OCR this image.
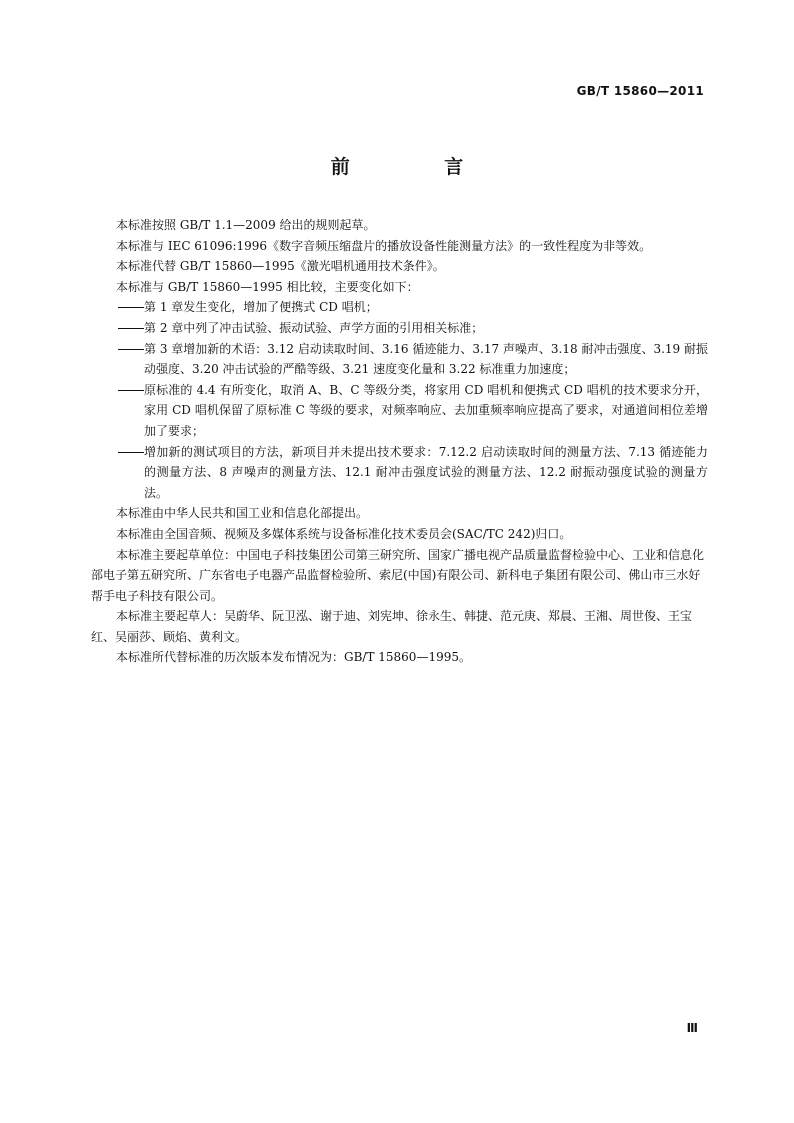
GB/T 15860—2011
前 言
本标准按照 GB/T 1.1—2009 给出的规则起草。
本标准与 IEC 61096:1996《数字音频压缩盘片的播放设备性能测量方法》的一致性程度为非等效。
本标准代替 GB/T 15860—1995《激光唱机通用技术条件》。
本标准与 GB/T 15860—1995 相比较，主要变化如下：
第 1 章发生变化，增加了便携式 CD 唱机；
第 2 章中列了冲击试验、振动试验、声学方面的引用相关标准；
第 3 章增加新的术语：3.12 启动读取时间、3.16 循迹能力、3.17 声噪声、3.18 耐冲击强度、3.19 耐振动强度、3.20 冲击试验的严酷等级、3.21 速度变化量和 3.22 标准重力加速度；
原标准的 4.4 有所变化，取消 A、B、C 等级分类，将家用 CD 唱机和便携式 CD 唱机的技术要求分开，家用 CD 唱机保留了原标准 C 等级的要求，对频率响应、去加重频率响应提高了要求，对通道间相位差增加了要求；
增加新的测试项目的方法，新项目并未提出技术要求：7.12.2 启动读取时间的测量方法、7.13 循迹能力的测量方法、8 声噪声的测量方法、12.1 耐冲击强度试验的测量方法、12.2 耐振动强度试验的测量方法。
本标准由中华人民共和国工业和信息化部提出。
本标准由全国音频、视频及多媒体系统与设备标准化技术委员会(SAC/TC 242)归口。
本标准主要起草单位：中国电子科技集团公司第三研究所、国家广播电视产品质量监督检验中心、工业和信息化部电子第五研究所、广东省电子电器产品监督检验所、索尼(中国)有限公司、新科电子集团有限公司、佛山市三水好帮手电子科技有限公司。
本标准主要起草人：吴蔚华、阮卫泓、谢于迪、刘宪坤、徐永生、韩捷、范元庚、郑晨、王湘、周世俊、王宝红、吴丽莎、顾焰、黄利文。
本标准所代替标准的历次版本发布情况为：GB/T 15860—1995。
Ⅲ
